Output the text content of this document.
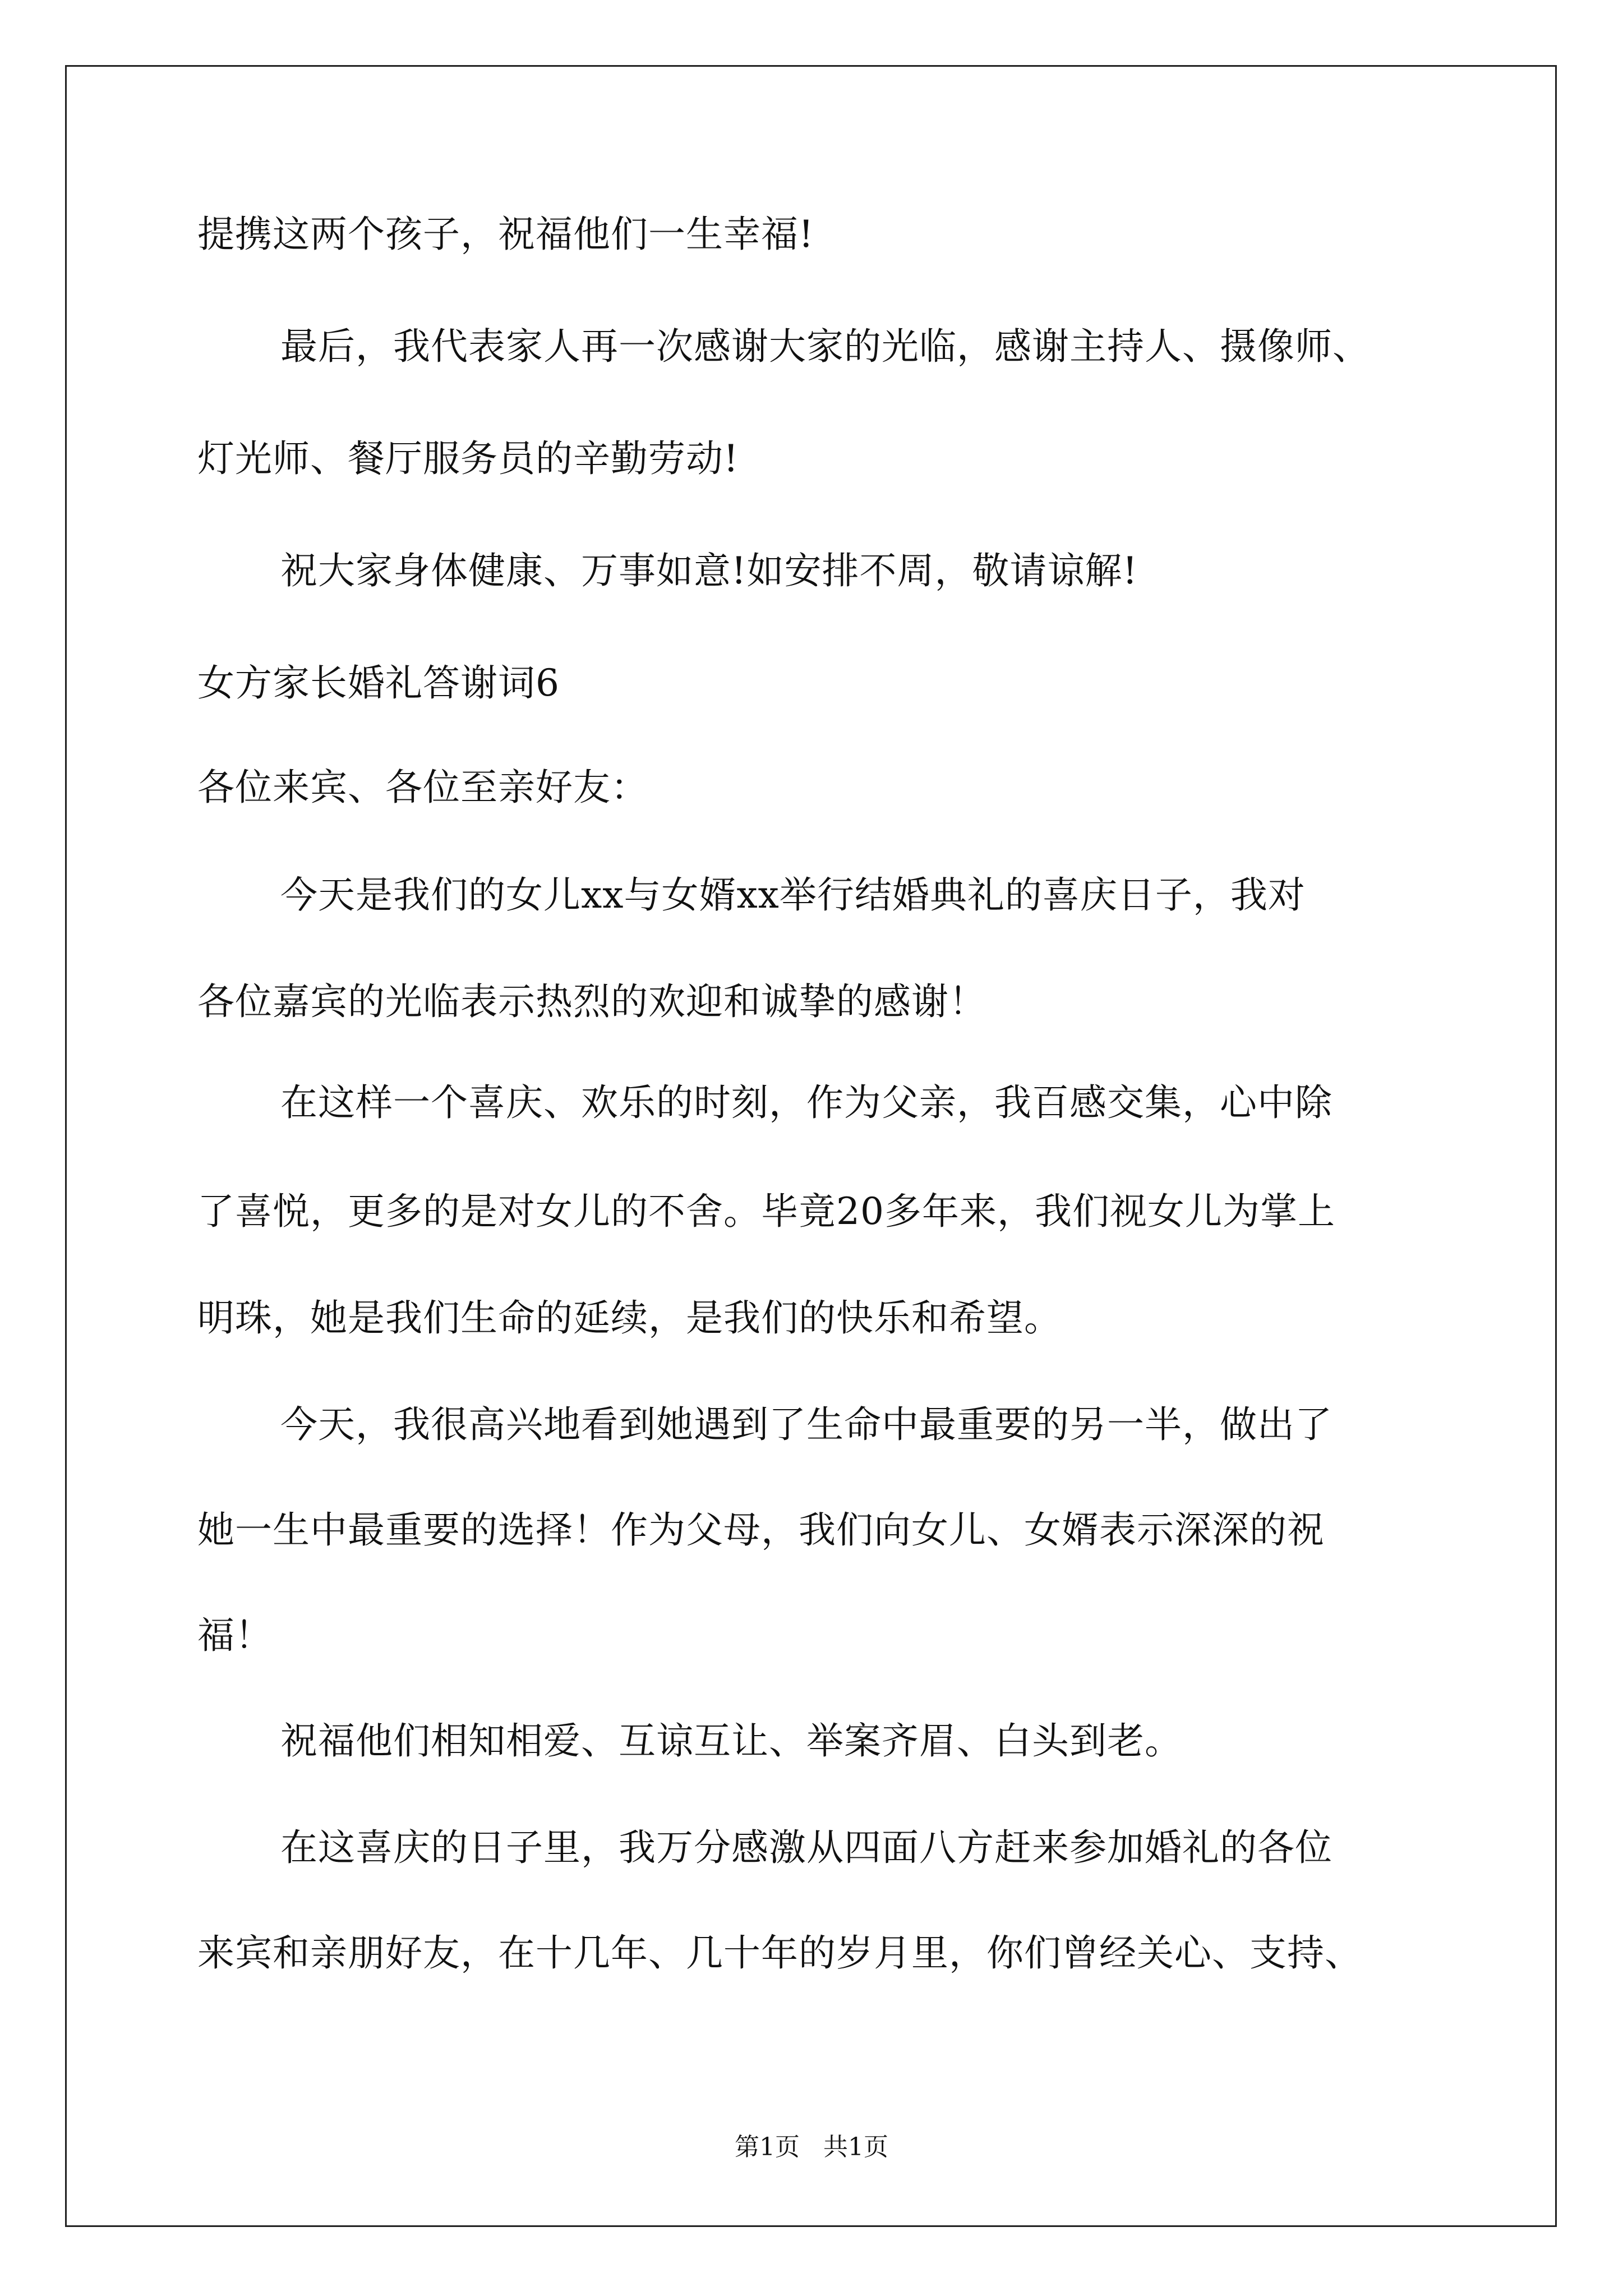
提携这两个孩子，祝福他们一生幸福!
最后，我代表家人再一次感谢大家的光临，感谢主持人、摄像师、
灯光师、餐厅服务员的辛勤劳动!
祝大家身体健康、万事如意!如安排不周，敬请谅解!
女方家长婚礼答谢词6
各位来宾、各位至亲好友：
今天是我们的女儿xx与女婿xx举行结婚典礼的喜庆日子，我对
各位嘉宾的光临表示热烈的欢迎和诚挚的感谢！
在这样一个喜庆、欢乐的时刻，作为父亲，我百感交集，心中除
了喜悦，更多的是对女儿的不舍。毕竟20多年来，我们视女儿为掌上
明珠，她是我们生命的延续，是我们的快乐和希望。
今天，我很高兴地看到她遇到了生命中最重要的另一半，做出了
她一生中最重要的选择！作为父母，我们向女儿、女婿表示深深的祝
福！
祝福他们相知相爱、互谅互让、举案齐眉、白头到老。
在这喜庆的日子里，我万分感激从四面八方赶来参加婚礼的各位
来宾和亲朋好友，在十几年、几十年的岁月里，你们曾经关心、支持、
第1页   共1页
